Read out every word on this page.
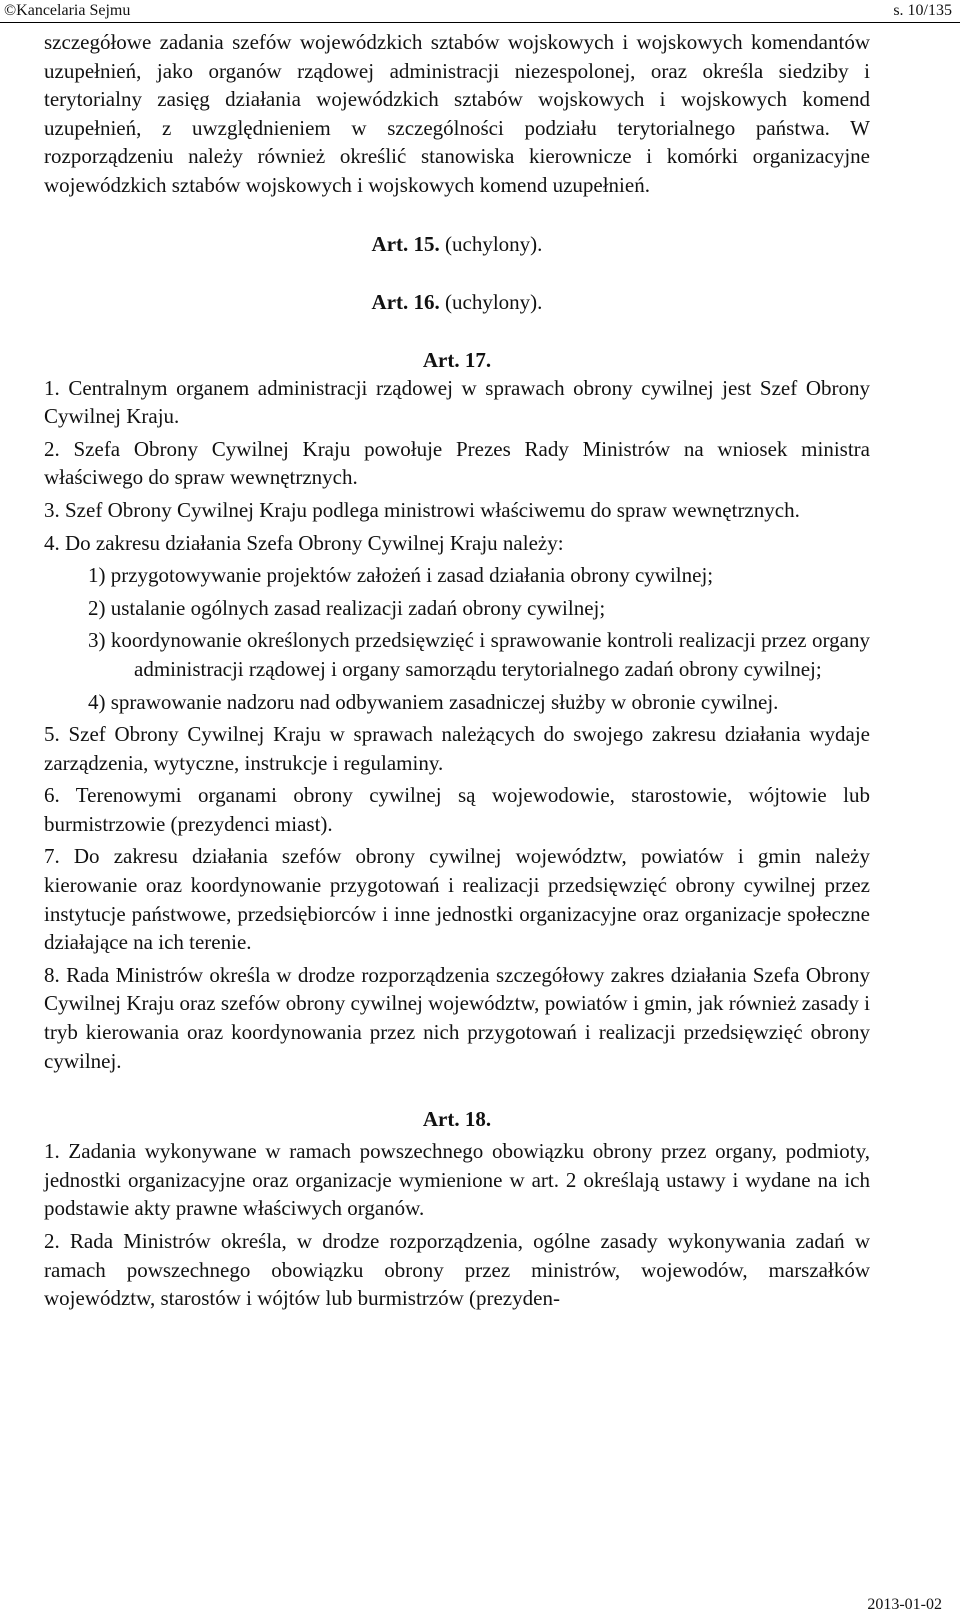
©Kancelaria Sejmu	s. 10/135

szczegółowe zadania szefów wojewódzkich sztabów wojskowych i wojskowych komendantów uzupełnień, jako organów rządowej administracji niezespolonej, oraz określa siedziby i terytorialny zasięg działania wojewódzkich sztabów wojskowych i wojskowych komend uzupełnień, z uwzględnieniem w szczególności podziału terytorialnego państwa. W rozporządzeniu należy również określić stanowiska kierownicze i komórki organizacyjne wojewódzkich sztabów wojskowych i wojskowych komend uzupełnień.

Art. 15. (uchylony).

Art. 16. (uchylony).

Art. 17.

1. Centralnym organem administracji rządowej w sprawach obrony cywilnej jest Szef Obrony Cywilnej Kraju.

2. Szefa Obrony Cywilnej Kraju powołuje Prezes Rady Ministrów na wniosek ministra właściwego do spraw wewnętrznych.

3. Szef Obrony Cywilnej Kraju podlega ministrowi właściwemu do spraw wewnętrznych.

4. Do zakresu działania Szefa Obrony Cywilnej Kraju należy:

1) przygotowywanie projektów założeń i zasad działania obrony cywilnej;

2) ustalanie ogólnych zasad realizacji zadań obrony cywilnej;

3) koordynowanie określonych przedsięwzięć i sprawowanie kontroli realizacji przez organy administracji rządowej i organy samorządu terytorialnego zadań obrony cywilnej;

4) sprawowanie nadzoru nad odbywaniem zasadniczej służby w obronie cywilnej.

5. Szef Obrony Cywilnej Kraju w sprawach należących do swojego zakresu działania wydaje zarządzenia, wytyczne, instrukcje i regulaminy.

6. Terenowymi organami obrony cywilnej są wojewodowie, starostowie, wójtowie lub burmistrzowie (prezydenci miast).

7. Do zakresu działania szefów obrony cywilnej województw, powiatów i gmin należy kierowanie oraz koordynowanie przygotowań i realizacji przedsięwzięć obrony cywilnej przez instytucje państwowe, przedsiębiorców i inne jednostki organizacyjne oraz organizacje społeczne działające na ich terenie.

8. Rada Ministrów określa w drodze rozporządzenia szczegółowy zakres działania Szefa Obrony Cywilnej Kraju oraz szefów obrony cywilnej województw, powiatów i gmin, jak również zasady i tryb kierowania oraz koordynowania przez nich przygotowań i realizacji przedsięwzięć obrony cywilnej.

Art. 18.

1. Zadania wykonywane w ramach powszechnego obowiązku obrony przez organy, podmioty, jednostki organizacyjne oraz organizacje wymienione w art. 2 określają ustawy i wydane na ich podstawie akty prawne właściwych organów.

2. Rada Ministrów określa, w drodze rozporządzenia, ogólne zasady wykonywania zadań w ramach powszechnego obowiązku obrony przez ministrów, wojewodów, marszałków województw, starostów i wójtów lub burmistrzów (prezyden-

2013-01-02
